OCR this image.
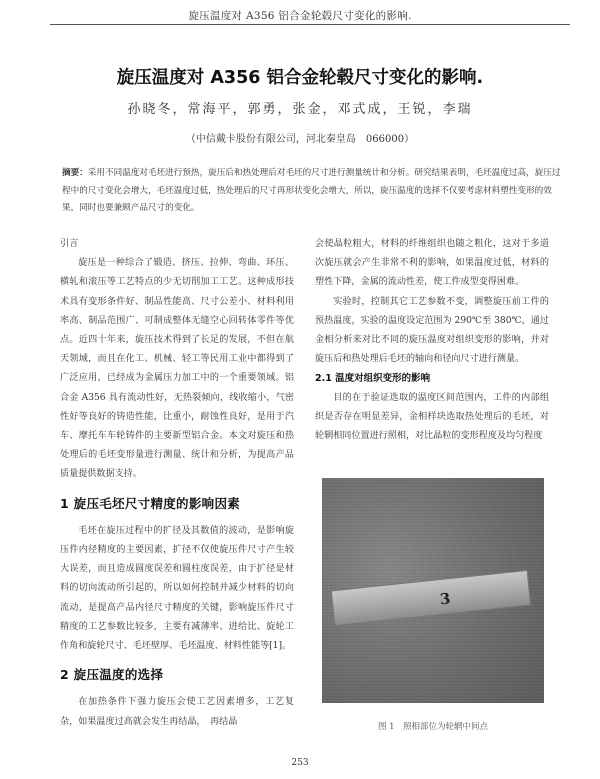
旋压温度对 A356 铝合金轮毂尺寸变化的影响.
旋压温度对 A356 铝合金轮毂尺寸变化的影响.
孙晓冬，常海平，郭勇，张金，邓式成，王锐，李瑞
（中信戴卡股份有限公司，河北秦皇岛　066000）
摘要：采用不同温度对毛坯进行预热，旋压后和热处理后对毛坯的尺寸进行测量统计和分析。研究结果表明，毛坯温度过高，旋压过程中的尺寸变化会增大，毛坯温度过低，热处理后的尺寸再形状变化会增大，所以，旋压温度的选择不仅要考虑材料塑性变形的效果，同时也要兼顾产品尺寸的变化。

引言

旋压是一种综合了锻造、挤压、拉伸、弯曲、环压、横轧和滚压等工艺特点的少无切削加工工艺。这种成形技术具有变形条件好、制品性能高、尺寸公差小、材料利用率高、制品范围广、可制成整体无缝空心回转体零件等优点。近四十年来，旋压技术得到了长足的发展，不但在航天领域，而且在化工、机械、轻工等民用工业中都得到了广泛应用，已经成为金属压力加工中的一个重要领域。铝合金 A356 具有流动性好，无热裂倾向，线收缩小，气密性好等良好的铸造性能，比重小，耐蚀性良好，是用于汽车、摩托车车轮铸件的主要新型铝合金。本文对旋压和热处理后的毛坯变形量进行测量、统计和分析，为提高产品质量提供数据支持。

1 旋压毛坯尺寸精度的影响因素

毛坯在旋压过程中的扩径及其数值的波动，是影响旋压件内径精度的主要因素，扩径不仅使旋压件尺寸产生较大误差，而且造成圆度误差和圆柱度误差，由于扩径是材料的切向流动所引起的，所以如何控制并减少材料的切向流动，是提高产品内径尺寸精度的关键，影响旋压件尺寸精度的工艺参数比较多，主要有减薄率、进给比、旋轮工作角和旋轮尺寸、毛坯壁厚、毛坯温度、材料性能等[1]。

2 旋压温度的选择

在加热条件下强力旋压会使工艺因素增多，工艺复杂，如果温度过高就会发生再结晶，　再结晶

会使晶粒粗大，材料的纤维组织也随之粗化，这对于多道次旋压就会产生非常不利的影响，如果温度过低，材料的塑性下降，金属的流动性差，使工件成型变得困难。

实验时，控制其它工艺参数不变，调整旋压前工件的预热温度，实验的温度设定范围为 290℃至 380℃，通过金相分析来对比不同的旋压温度对组织变形的影响，并对旋压后和热处理后毛坯的轴向和径向尺寸进行测量。

2.1 温度对组织变形的影响

目的在于验证选取的温度区间范围内，工件的内部组织是否存在明显差异，金相样块选取热处理后的毛坯，对轮辋相同位置进行照相，对比晶粒的变形程度及均匀程度

3
图 1　照相部位为轮辋中间点
253
